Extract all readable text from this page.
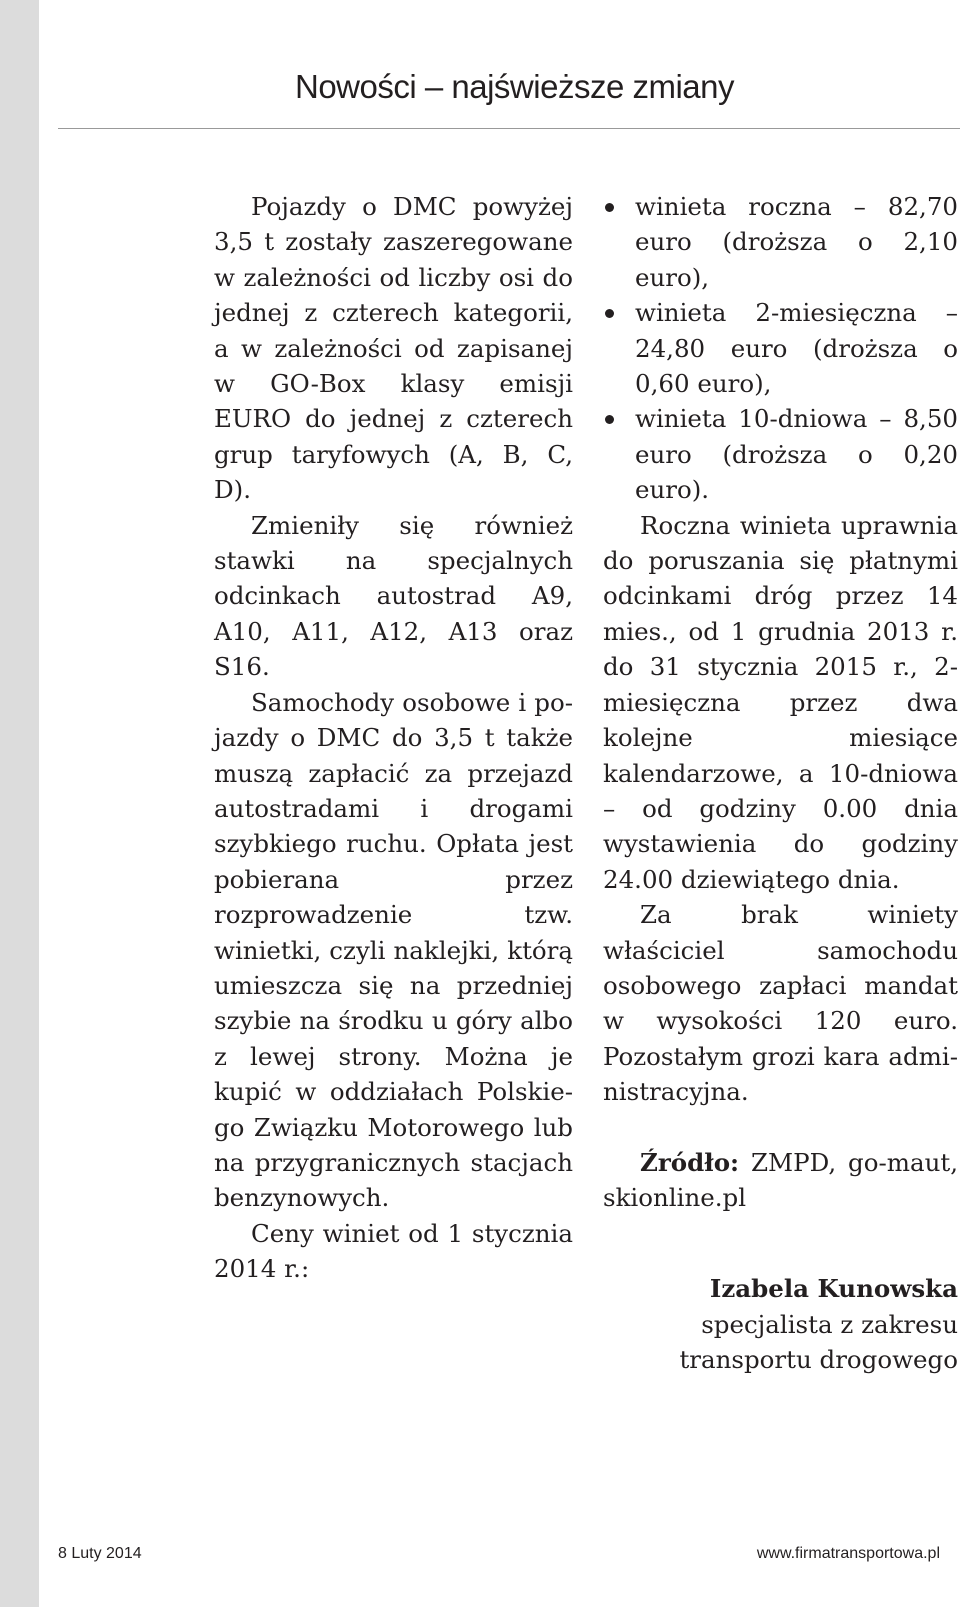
Nowości – najświeższe zmiany

Pojazdy o DMC powyżej 3,5 t zostały zaszeregowane w zależności od liczby osi do jednej z czterech kategorii, a w zależności od zapisanej w GO-Box klasy emisji EURO do jednej z czterech grup taryfowych (A, B, C, D).

Zmieniły się również stawki na specjalnych odcinkach autostrad A9, A10, A11, A12, A13 oraz S16.

Samochody osobowe i pojazdy o DMC do 3,5 t także muszą zapłacić za przejazd autostradami i drogami szybkiego ruchu. Opłata jest pobierana przez rozprowadzenie tzw. winietki, czyli naklejki, którą umieszcza się na przedniej szybie na środku u góry albo z lewej strony. Można je kupić w oddziałach Polskiego Związku Motorowego lub na przygranicznych stacjach benzynowych.

Ceny winiet od 1 stycznia 2014 r.:

winieta roczna – 82,70 euro (droższa o 2,10 euro),
winieta 2-miesięczna – 24,80 euro (droższa o 0,60 euro),
winieta 10-dniowa – 8,50 euro (droższa o 0,20 euro).

Roczna winieta uprawnia do poruszania się płatnymi odcinkami dróg przez 14 mies., od 1 grudnia 2013 r. do 31 stycznia 2015 r., 2-miesięczna przez dwa kolejne miesiące kalendarzowe, a 10-dniowa – od godziny 0.00 dnia wystawienia do godziny 24.00 dziewiątego dnia.

Za brak winiety właściciel samochodu osobowego zapłaci mandat w wysokości 120 euro. Pozostałym grozi kara administracyjna.

Źródło: ZMPD, go-maut, skionline.pl

Izabela Kunowska
specjalista z zakresu
transportu drogowego
8 Luty 2014	www.firmatransportowa.pl
